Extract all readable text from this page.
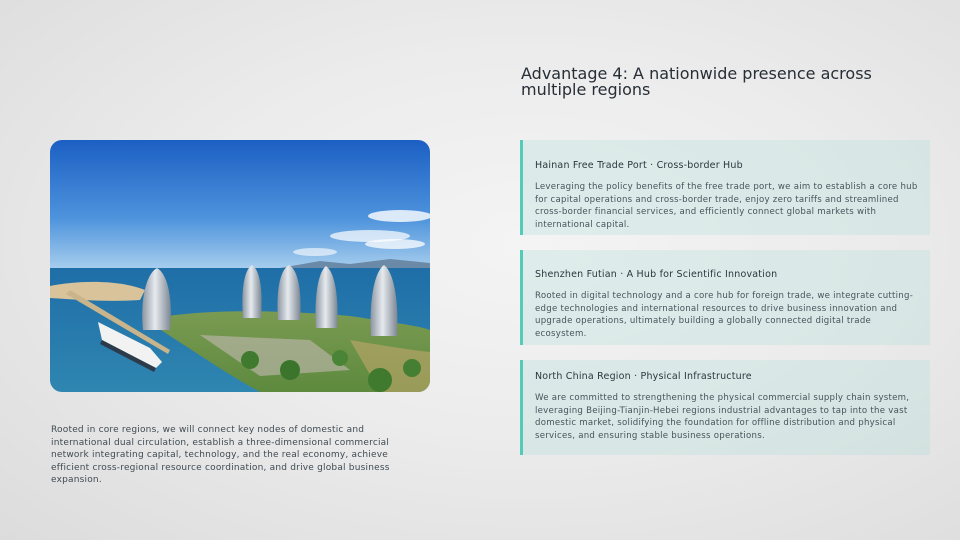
Rooted in core regions, we will connect key nodes of domestic and international dual circulation, establish a three-dimensional commercial network integrating capital, technology, and the real economy, achieve efficient cross-regional resource coordination, and drive global business expansion.

Advantage 4: A nationwide presence across multiple regions
Hainan Free Trade Port · Cross-border Hub

Leveraging the policy benefits of the free trade port, we aim to establish a core hub for capital operations and cross-border trade, enjoy zero tariffs and streamlined cross-border financial services, and efficiently connect global markets with international capital.

Shenzhen Futian · A Hub for Scientific Innovation

Rooted in digital technology and a core hub for foreign trade, we integrate cutting-edge technologies and international resources to drive business innovation and upgrade operations, ultimately building a globally connected digital trade ecosystem.

North China Region · Physical Infrastructure

We are committed to strengthening the physical commercial supply chain system, leveraging Beijing-Tianjin-Hebei regions industrial advantages to tap into the vast domestic market, solidifying the foundation for offline distribution and physical services, and ensuring stable business operations.
